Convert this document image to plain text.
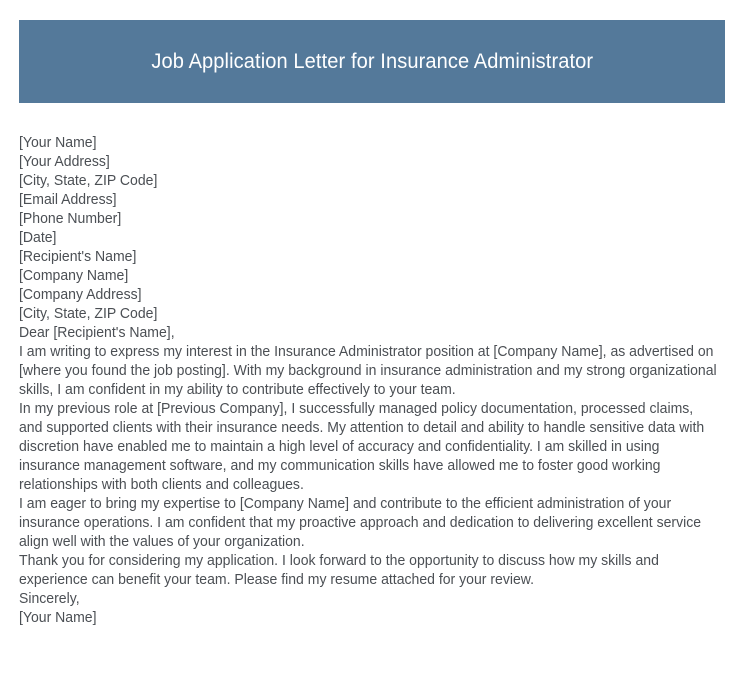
Job Application Letter for Insurance Administrator
[Your Name]
[Your Address]
[City, State, ZIP Code]
[Email Address]
[Phone Number]
[Date]
[Recipient's Name]
[Company Name]
[Company Address]
[City, State, ZIP Code]
Dear [Recipient's Name],
I am writing to express my interest in the Insurance Administrator position at [Company Name], as advertised on [where you found the job posting]. With my background in insurance administration and my strong organizational skills, I am confident in my ability to contribute effectively to your team.
In my previous role at [Previous Company], I successfully managed policy documentation, processed claims, and supported clients with their insurance needs. My attention to detail and ability to handle sensitive data with discretion have enabled me to maintain a high level of accuracy and confidentiality. I am skilled in using insurance management software, and my communication skills have allowed me to foster good working relationships with both clients and colleagues.
I am eager to bring my expertise to [Company Name] and contribute to the efficient administration of your insurance operations. I am confident that my proactive approach and dedication to delivering excellent service align well with the values of your organization.
Thank you for considering my application. I look forward to the opportunity to discuss how my skills and experience can benefit your team. Please find my resume attached for your review.
Sincerely,
[Your Name]
